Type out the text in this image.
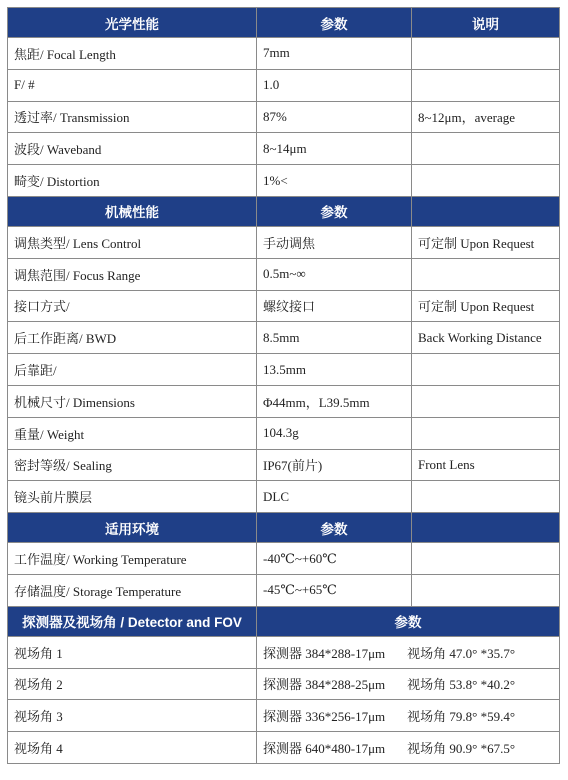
光学性能	参数	说明
焦距/ Focal Length	7mm	
F/ #	1.0	
透过率/ Transmission	87%	8~12μm，average
波段/ Waveband	8~14μm	
畸变/ Distortion	1%<	
机械性能	参数	
调焦类型/ Lens Control	手动调焦	可定制 Upon Request
调焦范围/ Focus Range	0.5m~∞	
接口方式/	螺纹接口	可定制 Upon Request
后工作距离/ BWD	8.5mm	Back Working Distance
后靠距/	13.5mm	
机械尺寸/ Dimensions	Φ44mm，L39.5mm	
重量/ Weight	104.3g	
密封等级/ Sealing	IP67(前片)	Front Lens
镜头前片膜层	DLC	
适用环境	参数	
工作温度/ Working Temperature	-40℃~+60℃	
存储温度/ Storage Temperature	-45℃~+65℃	
探测器及视场角 / Detector and FOV	参数	
视场角 1	探测器 384*288-17μm 视场角 47.0° *35.7°	
视场角 2	探测器 384*288-25μm 视场角 53.8° *40.2°	
视场角 3	探测器 336*256-17μm 视场角 79.8° *59.4°	
视场角 4	探测器 640*480-17μm 视场角 90.9° *67.5°	
